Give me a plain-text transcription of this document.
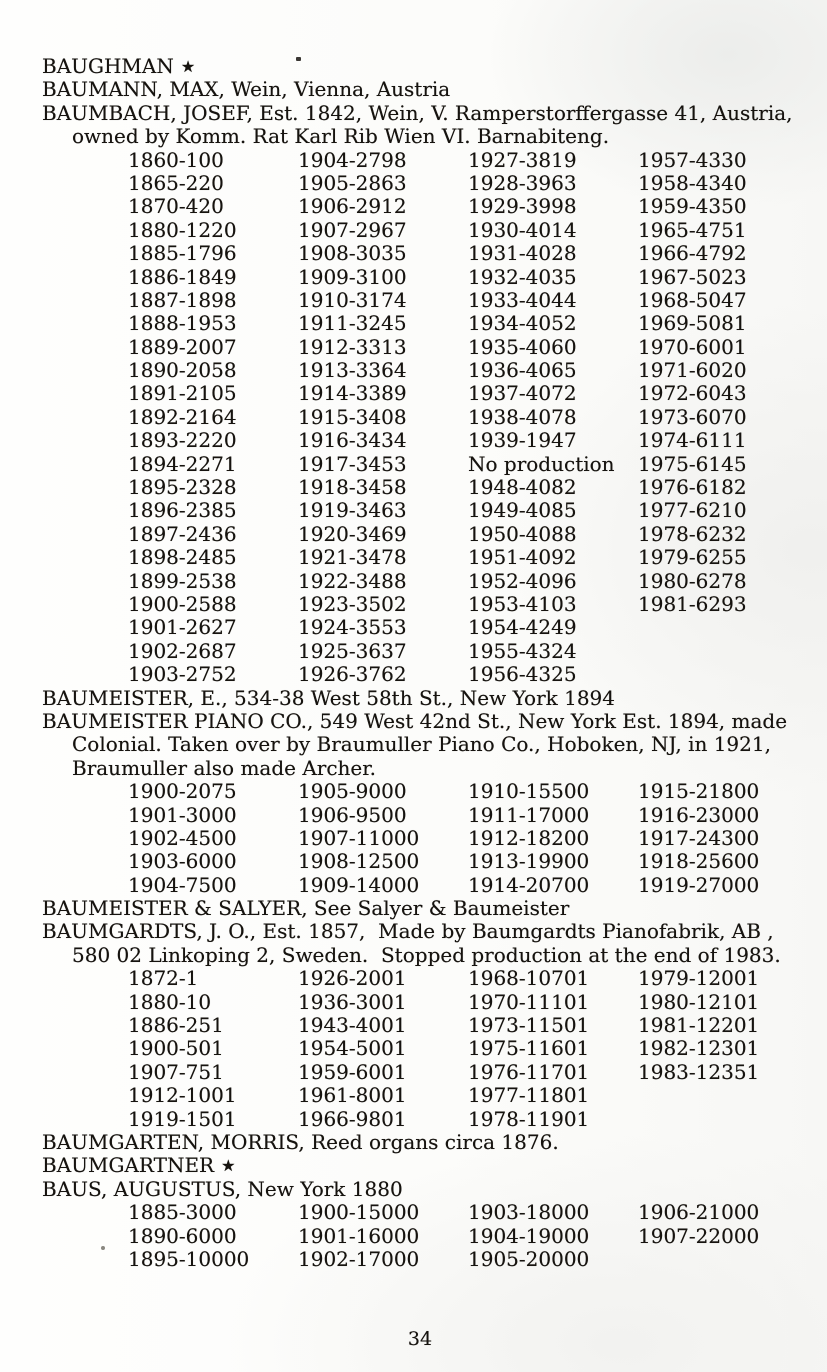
BAUGHMAN ★
BAUMANN, MAX, Wein, Vienna, Austria
BAUMBACH, JOSEF, Est. 1842, Wein, V. Ramperstorffergasse 41, Austria,
owned by Komm. Rat Karl Rib Wien VI. Barnabiteng.
1860-100
1865-220
1870-420
1880-1220
1885-1796
1886-1849
1887-1898
1888-1953
1889-2007
1890-2058
1891-2105
1892-2164
1893-2220
1894-2271
1895-2328
1896-2385
1897-2436
1898-2485
1899-2538
1900-2588
1901-2627
1902-2687
1903-2752
1904-2798
1905-2863
1906-2912
1907-2967
1908-3035
1909-3100
1910-3174
1911-3245
1912-3313
1913-3364
1914-3389
1915-3408
1916-3434
1917-3453
1918-3458
1919-3463
1920-3469
1921-3478
1922-3488
1923-3502
1924-3553
1925-3637
1926-3762
1927-3819
1928-3963
1929-3998
1930-4014
1931-4028
1932-4035
1933-4044
1934-4052
1935-4060
1936-4065
1937-4072
1938-4078
1939-1947
No production
1948-4082
1949-4085
1950-4088
1951-4092
1952-4096
1953-4103
1954-4249
1955-4324
1956-4325
1957-4330
1958-4340
1959-4350
1965-4751
1966-4792
1967-5023
1968-5047
1969-5081
1970-6001
1971-6020
1972-6043
1973-6070
1974-6111
1975-6145
1976-6182
1977-6210
1978-6232
1979-6255
1980-6278
1981-6293
BAUMEISTER, E., 534-38 West 58th St., New York 1894
BAUMEISTER PIANO CO., 549 West 42nd St., New York Est. 1894, made
Colonial. Taken over by Braumuller Piano Co., Hoboken, NJ, in 1921,
Braumuller also made Archer.
1900-2075
1901-3000
1902-4500
1903-6000
1904-7500
1905-9000
1906-9500
1907-11000
1908-12500
1909-14000
1910-15500
1911-17000
1912-18200
1913-19900
1914-20700
1915-21800
1916-23000
1917-24300
1918-25600
1919-27000
BAUMEISTER & SALYER, See Salyer & Baumeister
BAUMGARDTS, J. O., Est. 1857,  Made by Baumgardts Pianofabrik, AB ,
580 02 Linkoping 2, Sweden.  Stopped production at the end of 1983.
1872-1
1880-10
1886-251
1900-501
1907-751
1912-1001
1919-1501
1926-2001
1936-3001
1943-4001
1954-5001
1959-6001
1961-8001
1966-9801
1968-10701
1970-11101
1973-11501
1975-11601
1976-11701
1977-11801
1978-11901
1979-12001
1980-12101
1981-12201
1982-12301
1983-12351
BAUMGARTEN, MORRIS, Reed organs circa 1876.
BAUMGARTNER ★
BAUS, AUGUSTUS, New York 1880
1885-3000
1890-6000
1895-10000
1900-15000
1901-16000
1902-17000
1903-18000
1904-19000
1905-20000
1906-21000
1907-22000
34
